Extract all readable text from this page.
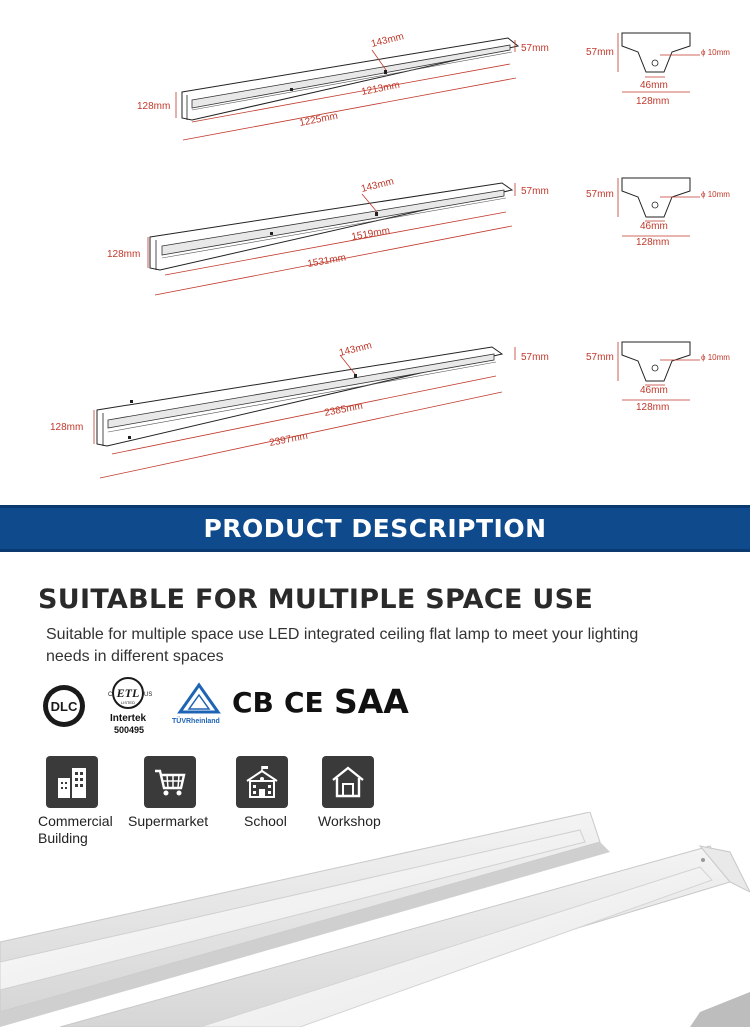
128mm
143mm
1213mm
1225mm
57mm	57mm	ϕ 10mm
46mm
128mm
128mm
143mm
1519mm
1531mm
57mm	57mm	ϕ 10mm
46mm
128mm
128mm
143mm
2385mm
2397mm
57mm	57mm	ϕ 10mm
46mm
128mm
PRODUCT DESCRIPTION
SUITABLE FOR MULTIPLE SPACE USE
Suitable for multiple space use LED integrated ceiling flat lamp to meet your lighting needs in different spaces
DLC
ETL
C	US
LISTED
Intertek
500495
TÜVRheinland
CB CE SAA
Commercial Building
Supermarket	School	Workshop
